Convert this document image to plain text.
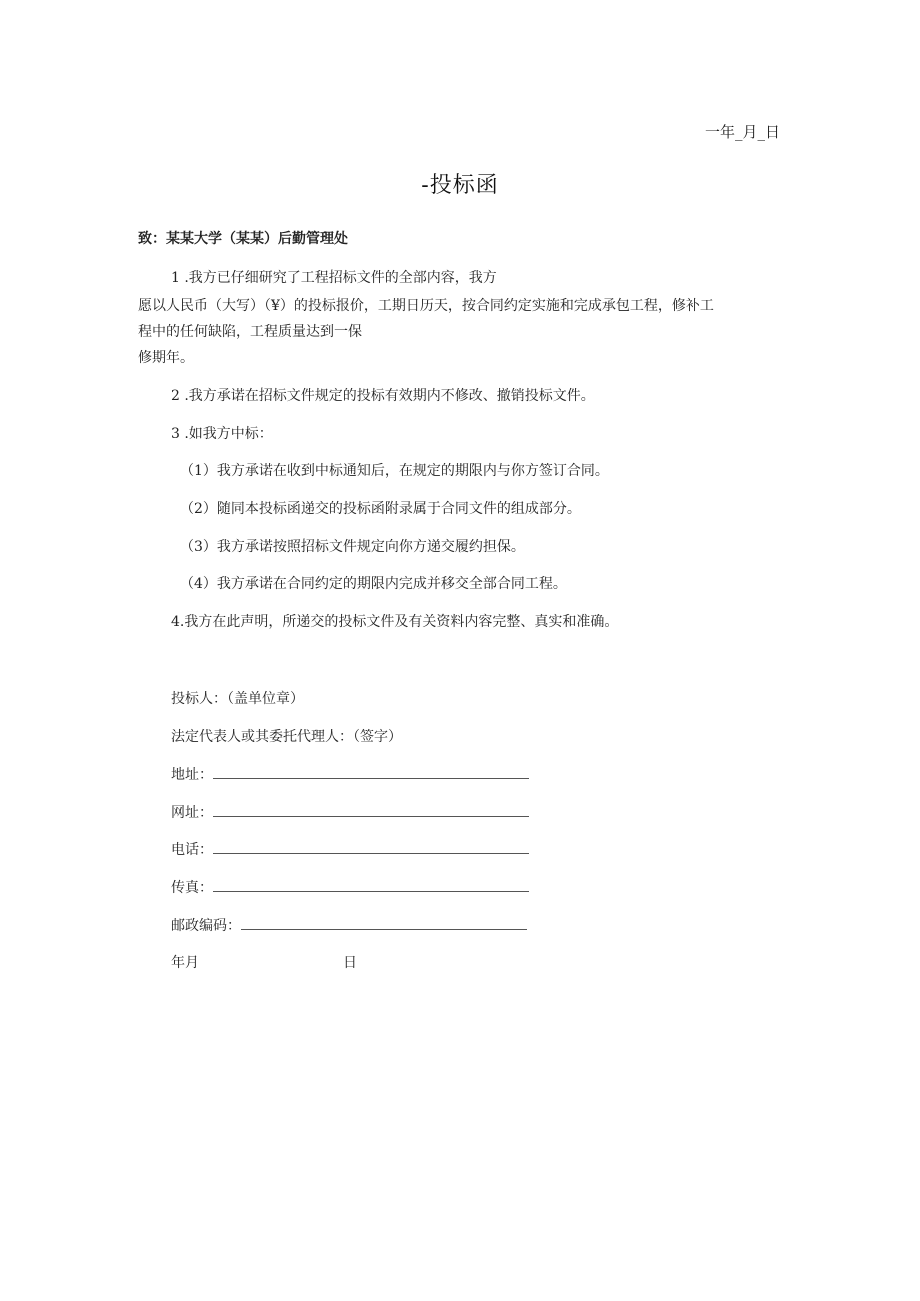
一年_月_日
-投标函
致：某某大学（某某）后勤管理处
1 .我方已仔细研究了工程招标文件的全部内容，我方
愿以人民币（大写）（¥）的投标报价，工期日历天，按合同约定实施和完成承包工程，修补工
程中的任何缺陷，工程质量达到一保
修期年。
2 .我方承诺在招标文件规定的投标有效期内不修改、撤销投标文件。
3 .如我方中标：
（1）我方承诺在收到中标通知后，在规定的期限内与你方签订合同。
（2）随同本投标函递交的投标函附录属于合同文件的组成部分。
（3）我方承诺按照招标文件规定向你方递交履约担保。
（4）我方承诺在合同约定的期限内完成并移交全部合同工程。
4.我方在此声明，所递交的投标文件及有关资料内容完整、真实和准确。
投标人：（盖单位章）
法定代表人或其委托代理人：（签字）
地址：
网址：
电话：
传真：
邮政编码：
年月	日
